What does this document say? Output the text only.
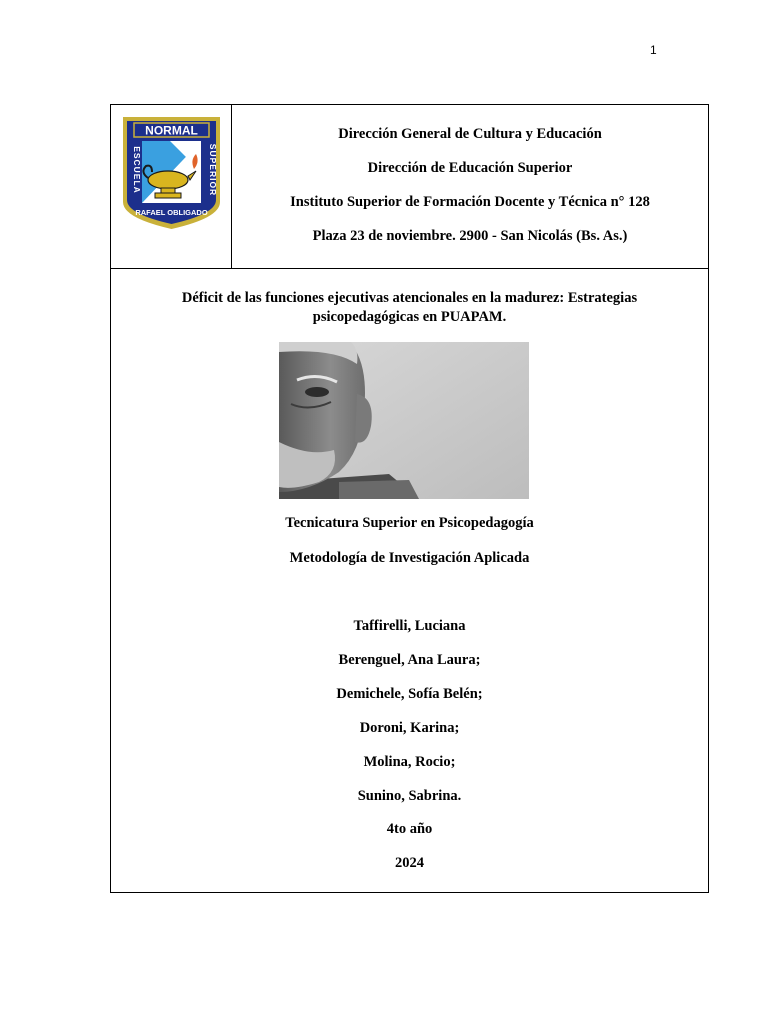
1
NORMAL
ESCUELA	SUPERIOR
RAFAEL OBLIGADO
Dirección General de Cultura y Educación
Dirección de Educación Superior
Instituto Superior de Formación Docente y Técnica n° 128
Plaza 23 de noviembre. 2900 - San Nicolás (Bs. As.)
Déficit de las funciones ejecutivas atencionales en la madurez: Estrategias psicopedagógicas en PUAPAM.
Tecnicatura Superior en Psicopedagogía
Metodología de Investigación Aplicada
Taffirelli, Luciana
Berenguel, Ana Laura;
Demichele, Sofía Belén;
Doroni, Karina;
Molina, Rocio;
Sunino, Sabrina.
4to año
2024
